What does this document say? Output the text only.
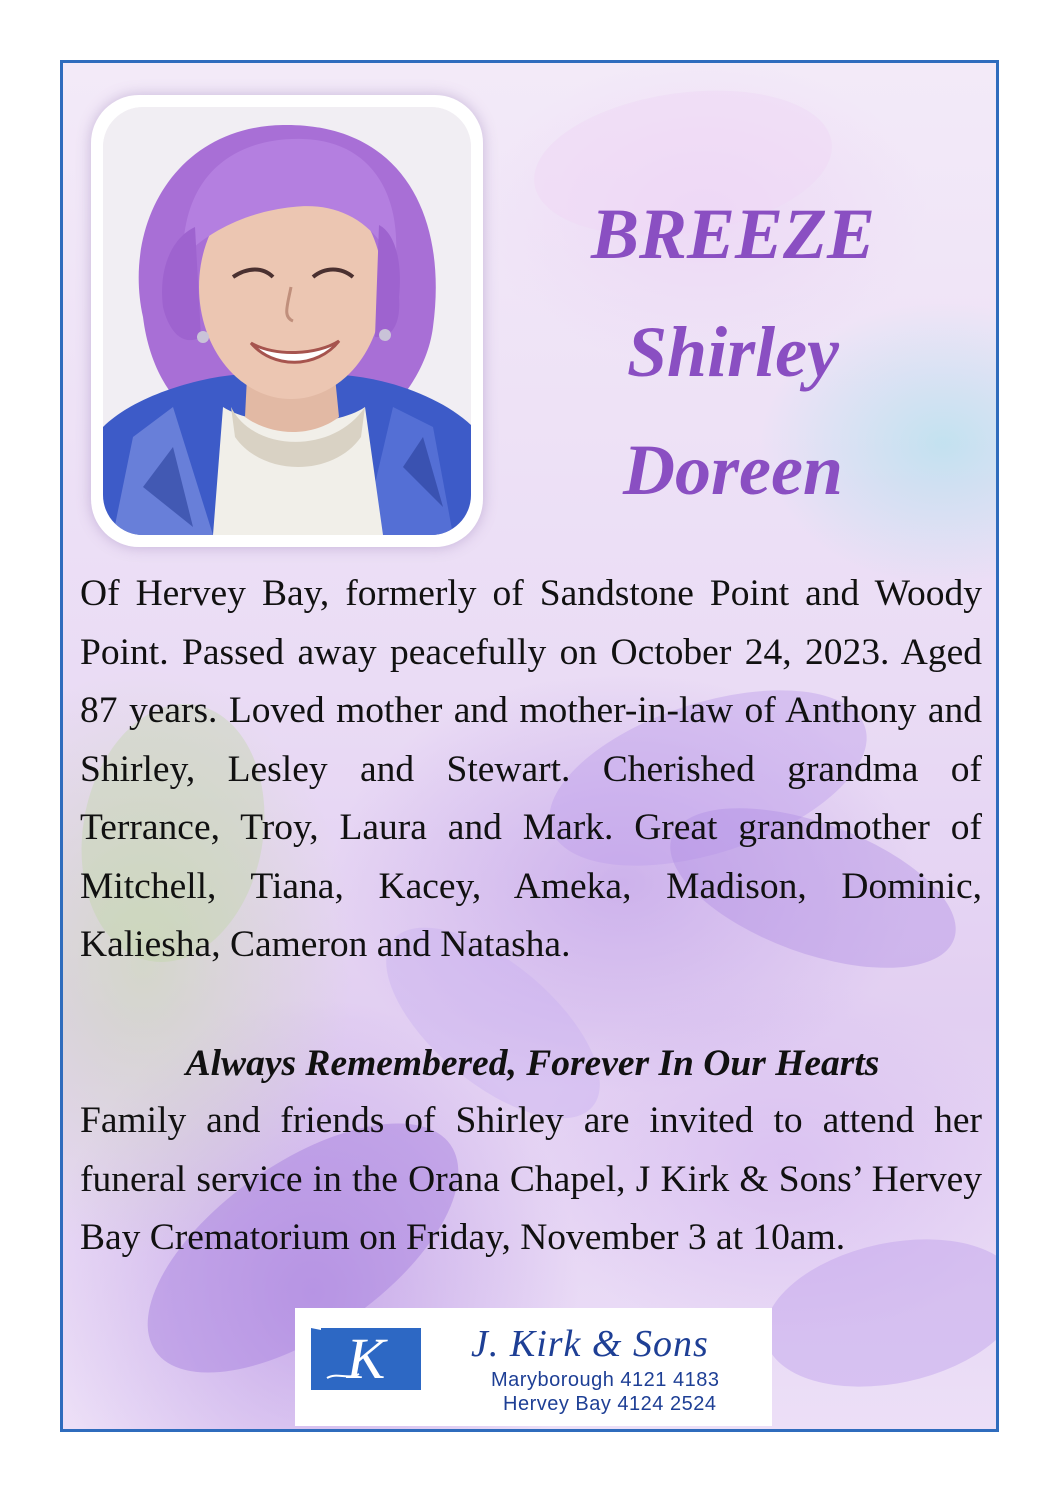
BREEZE
Shirley
Doreen

Of Hervey Bay, formerly of Sandstone Point and Woody Point. Passed away peacefully on October 24, 2023. Aged 87 years. Loved mother and mother-in-law of Anthony and Shirley, Lesley and Stewart. Cherished grandma of Terrance, Troy, Laura and Mark. Great grandmother of Mitchell, Tiana, Kacey, Ameka, Madison, Dominic, Kaliesha, Cameron and Natasha.

Always Remembered, Forever In Our Hearts

Family and friends of Shirley are invited to attend her funeral service in the Orana Chapel, J Kirk & Sons’ Hervey Bay Crematorium on Friday, November 3 at 10am.

K J. Kirk & Sons
Maryborough 4121 4183
Hervey Bay 4124 2524
